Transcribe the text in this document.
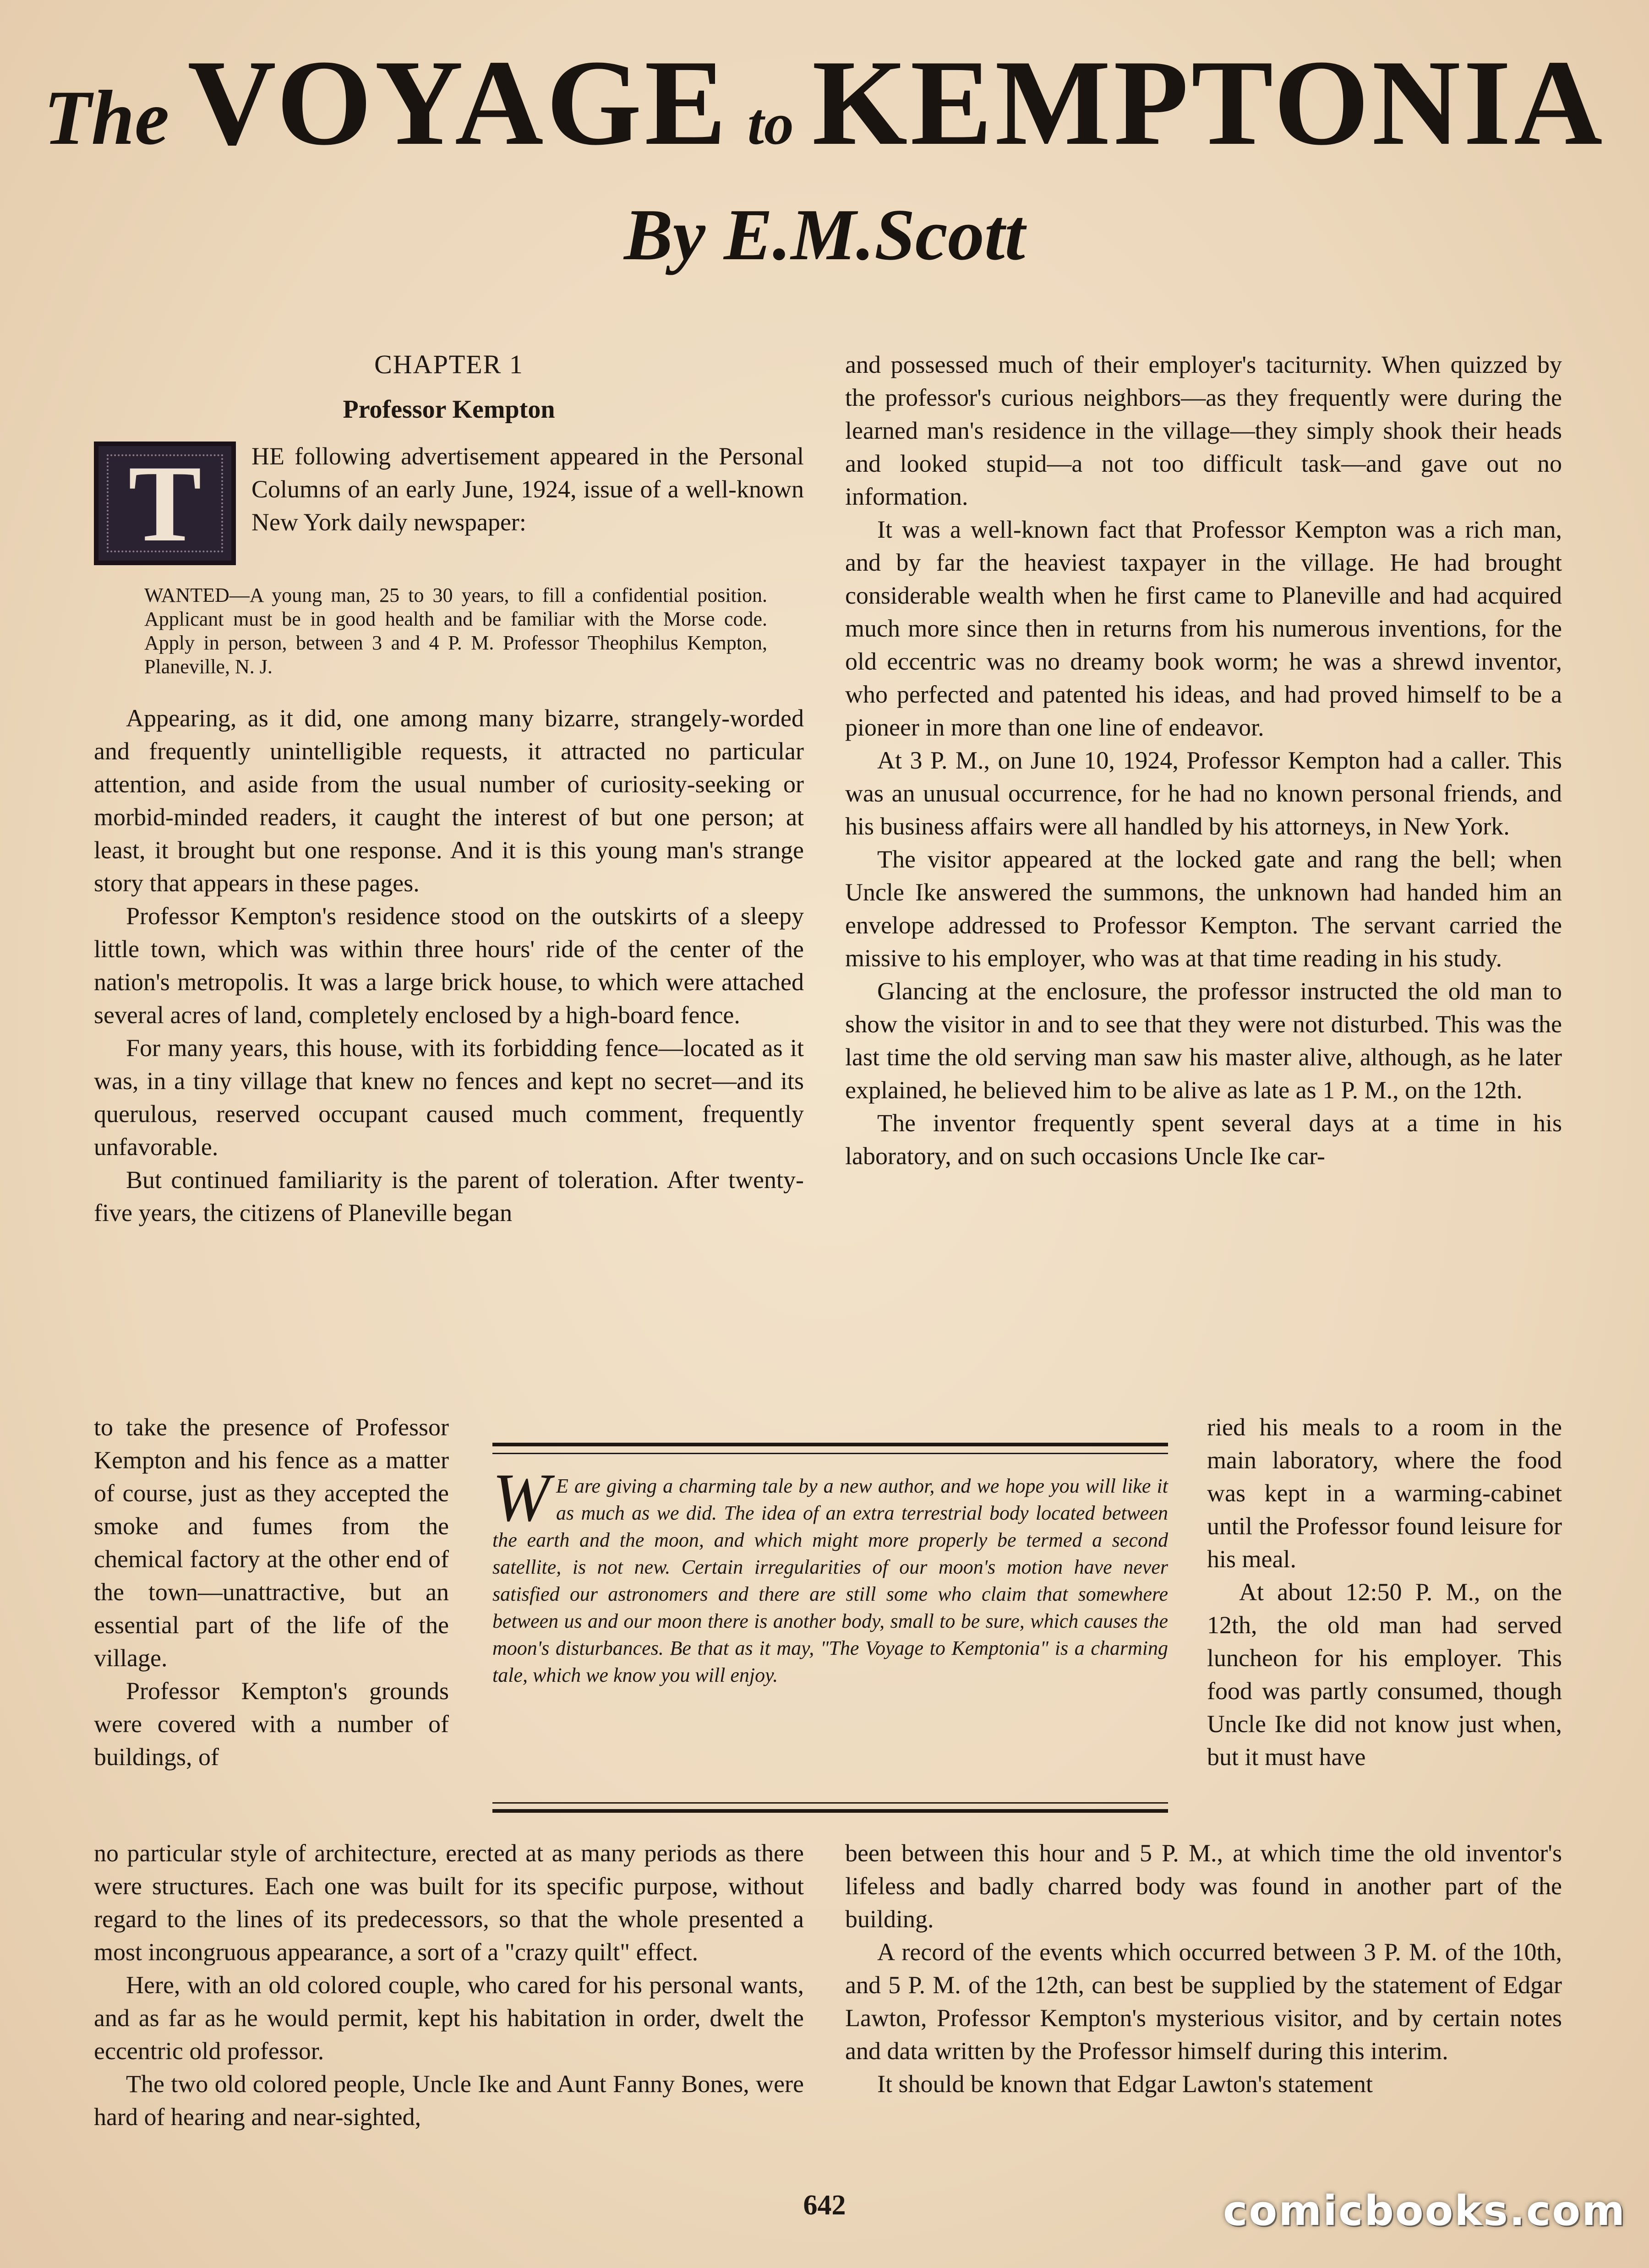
The VOYAGE to KEMPTONIA
By E.M.Scott
CHAPTER 1
Professor Kempton
T	HE following advertisement appeared in the Personal Columns of an early June, 1924, issue of a well-known New York daily newspaper:

WANTED—A young man, 25 to 30 years, to fill a confidential position. Applicant must be in good health and be familiar with the Morse code. Apply in person, between 3 and 4 P. M. Professor Theophilus Kempton, Planeville, N. J.

Appearing, as it did, one among many bizarre, strangely-worded and frequently unintelligible requests, it attracted no particular attention, and aside from the usual number of curiosity-seeking or morbid-minded readers, it caught the interest of but one person; at least, it brought but one response. And it is this young man's strange story that appears in these pages.

Professor Kempton's residence stood on the outskirts of a sleepy little town, which was within three hours' ride of the center of the nation's metropolis. It was a large brick house, to which were attached several acres of land, completely enclosed by a high-board fence.

For many years, this house, with its forbidding fence—located as it was, in a tiny village that knew no fences and kept no secret—and its querulous, reserved occupant caused much comment, frequently unfavorable.

But continued familiarity is the parent of toleration. After twenty-five years, the citizens of Planeville began

to take the presence of Professor Kempton and his fence as a matter of course, just as they accepted the smoke and fumes from the chemical factory at the other end of the town—unattractive, but an essential part of the life of the village.

Professor Kempton's grounds were covered with a number of buildings, of

no particular style of architecture, erected at as many periods as there were structures. Each one was built for its specific purpose, without regard to the lines of its predecessors, so that the whole presented a most incongruous appearance, a sort of a "crazy quilt" effect.

Here, with an old colored couple, who cared for his personal wants, and as far as he would permit, kept his habitation in order, dwelt the eccentric old professor.

The two old colored people, Uncle Ike and Aunt Fanny Bones, were hard of hearing and near-sighted,

and possessed much of their employer's taciturnity. When quizzed by the professor's curious neighbors—as they frequently were during the learned man's residence in the village—they simply shook their heads and looked stupid—a not too difficult task—and gave out no information.

It was a well-known fact that Professor Kempton was a rich man, and by far the heaviest taxpayer in the village. He had brought considerable wealth when he first came to Planeville and had acquired much more since then in returns from his numerous inventions, for the old eccentric was no dreamy book worm; he was a shrewd inventor, who perfected and patented his ideas, and had proved himself to be a pioneer in more than one line of endeavor.

At 3 P. M., on June 10, 1924, Professor Kempton had a caller. This was an unusual occurrence, for he had no known personal friends, and his business affairs were all handled by his attorneys, in New York.

The visitor appeared at the locked gate and rang the bell; when Uncle Ike answered the summons, the unknown had handed him an envelope addressed to Professor Kempton. The servant carried the missive to his employer, who was at that time reading in his study.

Glancing at the enclosure, the professor instructed the old man to show the visitor in and to see that they were not disturbed. This was the last time the old serving man saw his master alive, although, as he later explained, he believed him to be alive as late as 1 P. M., on the 12th.

The inventor frequently spent several days at a time in his laboratory, and on such occasions Uncle Ike car-

ried his meals to a room in the main laboratory, where the food was kept in a warming-cabinet until the Professor found leisure for his meal.

At about 12:50 P. M., on the 12th, the old man had served luncheon for his employer. This food was partly consumed, though Uncle Ike did not know just when, but it must have

been between this hour and 5 P. M., at which time the old inventor's lifeless and badly charred body was found in another part of the building.

A record of the events which occurred between 3 P. M. of the 10th, and 5 P. M. of the 12th, can best be supplied by the statement of Edgar Lawton, Professor Kempton's mysterious visitor, and by certain notes and data written by the Professor himself during this interim.

It should be known that Edgar Lawton's statement

W E are giving a charming tale by a new author, and we hope you will like it as much as we did. The idea of an extra terrestrial body located between the earth and the moon, and which might more properly be termed a second satellite, is not new. Certain irregularities of our moon's motion have never satisfied our astronomers and there are still some who claim that somewhere between us and our moon there is another body, small to be sure, which causes the moon's disturbances. Be that as it may, "The Voyage to Kemptonia" is a charming tale, which we know you will enjoy.
642	comicbooks.com
